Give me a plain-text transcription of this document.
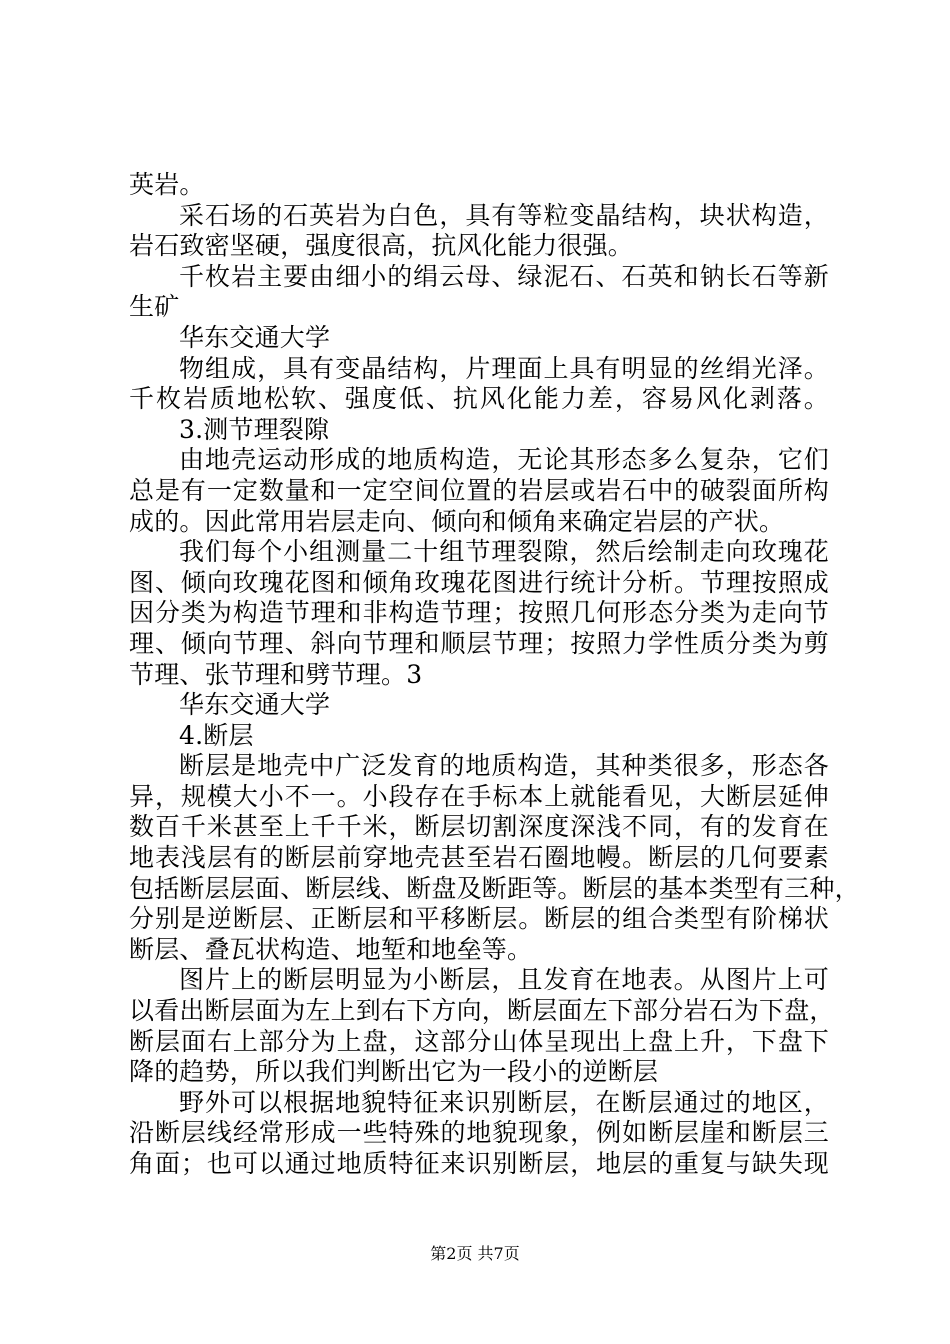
英岩。
采石场的石英岩为白色，具有等粒变晶结构，块状构造，
岩石致密坚硬，强度很高，抗风化能力很强。
千枚岩主要由细小的绢云母、绿泥石、石英和钠长石等新
生矿
华东交通大学
物组成，具有变晶结构，片理面上具有明显的丝绢光泽。
千枚岩质地松软、强度低、抗风化能力差，容易风化剥落。
3.测节理裂隙
由地壳运动形成的地质构造，无论其形态多么复杂，它们
总是有一定数量和一定空间位置的岩层或岩石中的破裂面所构
成的。因此常用岩层走向、倾向和倾角来确定岩层的产状。
我们每个小组测量二十组节理裂隙，然后绘制走向玫瑰花
图、倾向玫瑰花图和倾角玫瑰花图进行统计分析。节理按照成
因分类为构造节理和非构造节理；按照几何形态分类为走向节
理、倾向节理、斜向节理和顺层节理；按照力学性质分类为剪
节理、张节理和劈节理。3
华东交通大学
4.断层
断层是地壳中广泛发育的地质构造，其种类很多，形态各
异，规模大小不一。小段存在手标本上就能看见，大断层延伸
数百千米甚至上千千米，断层切割深度深浅不同，有的发育在
地表浅层有的断层前穿地壳甚至岩石圈地幔。断层的几何要素
包括断层层面、断层线、断盘及断距等。断层的基本类型有三种，
分别是逆断层、正断层和平移断层。断层的组合类型有阶梯状
断层、叠瓦状构造、地堑和地垒等。
图片上的断层明显为小断层，且发育在地表。从图片上可
以看出断层面为左上到右下方向，断层面左下部分岩石为下盘，
断层面右上部分为上盘，这部分山体呈现出上盘上升，下盘下
降的趋势，所以我们判断出它为一段小的逆断层
野外可以根据地貌特征来识别断层，在断层通过的地区，
沿断层线经常形成一些特殊的地貌现象，例如断层崖和断层三
角面；也可以通过地质特征来识别断层，地层的重复与缺失现
第2页 共7页
